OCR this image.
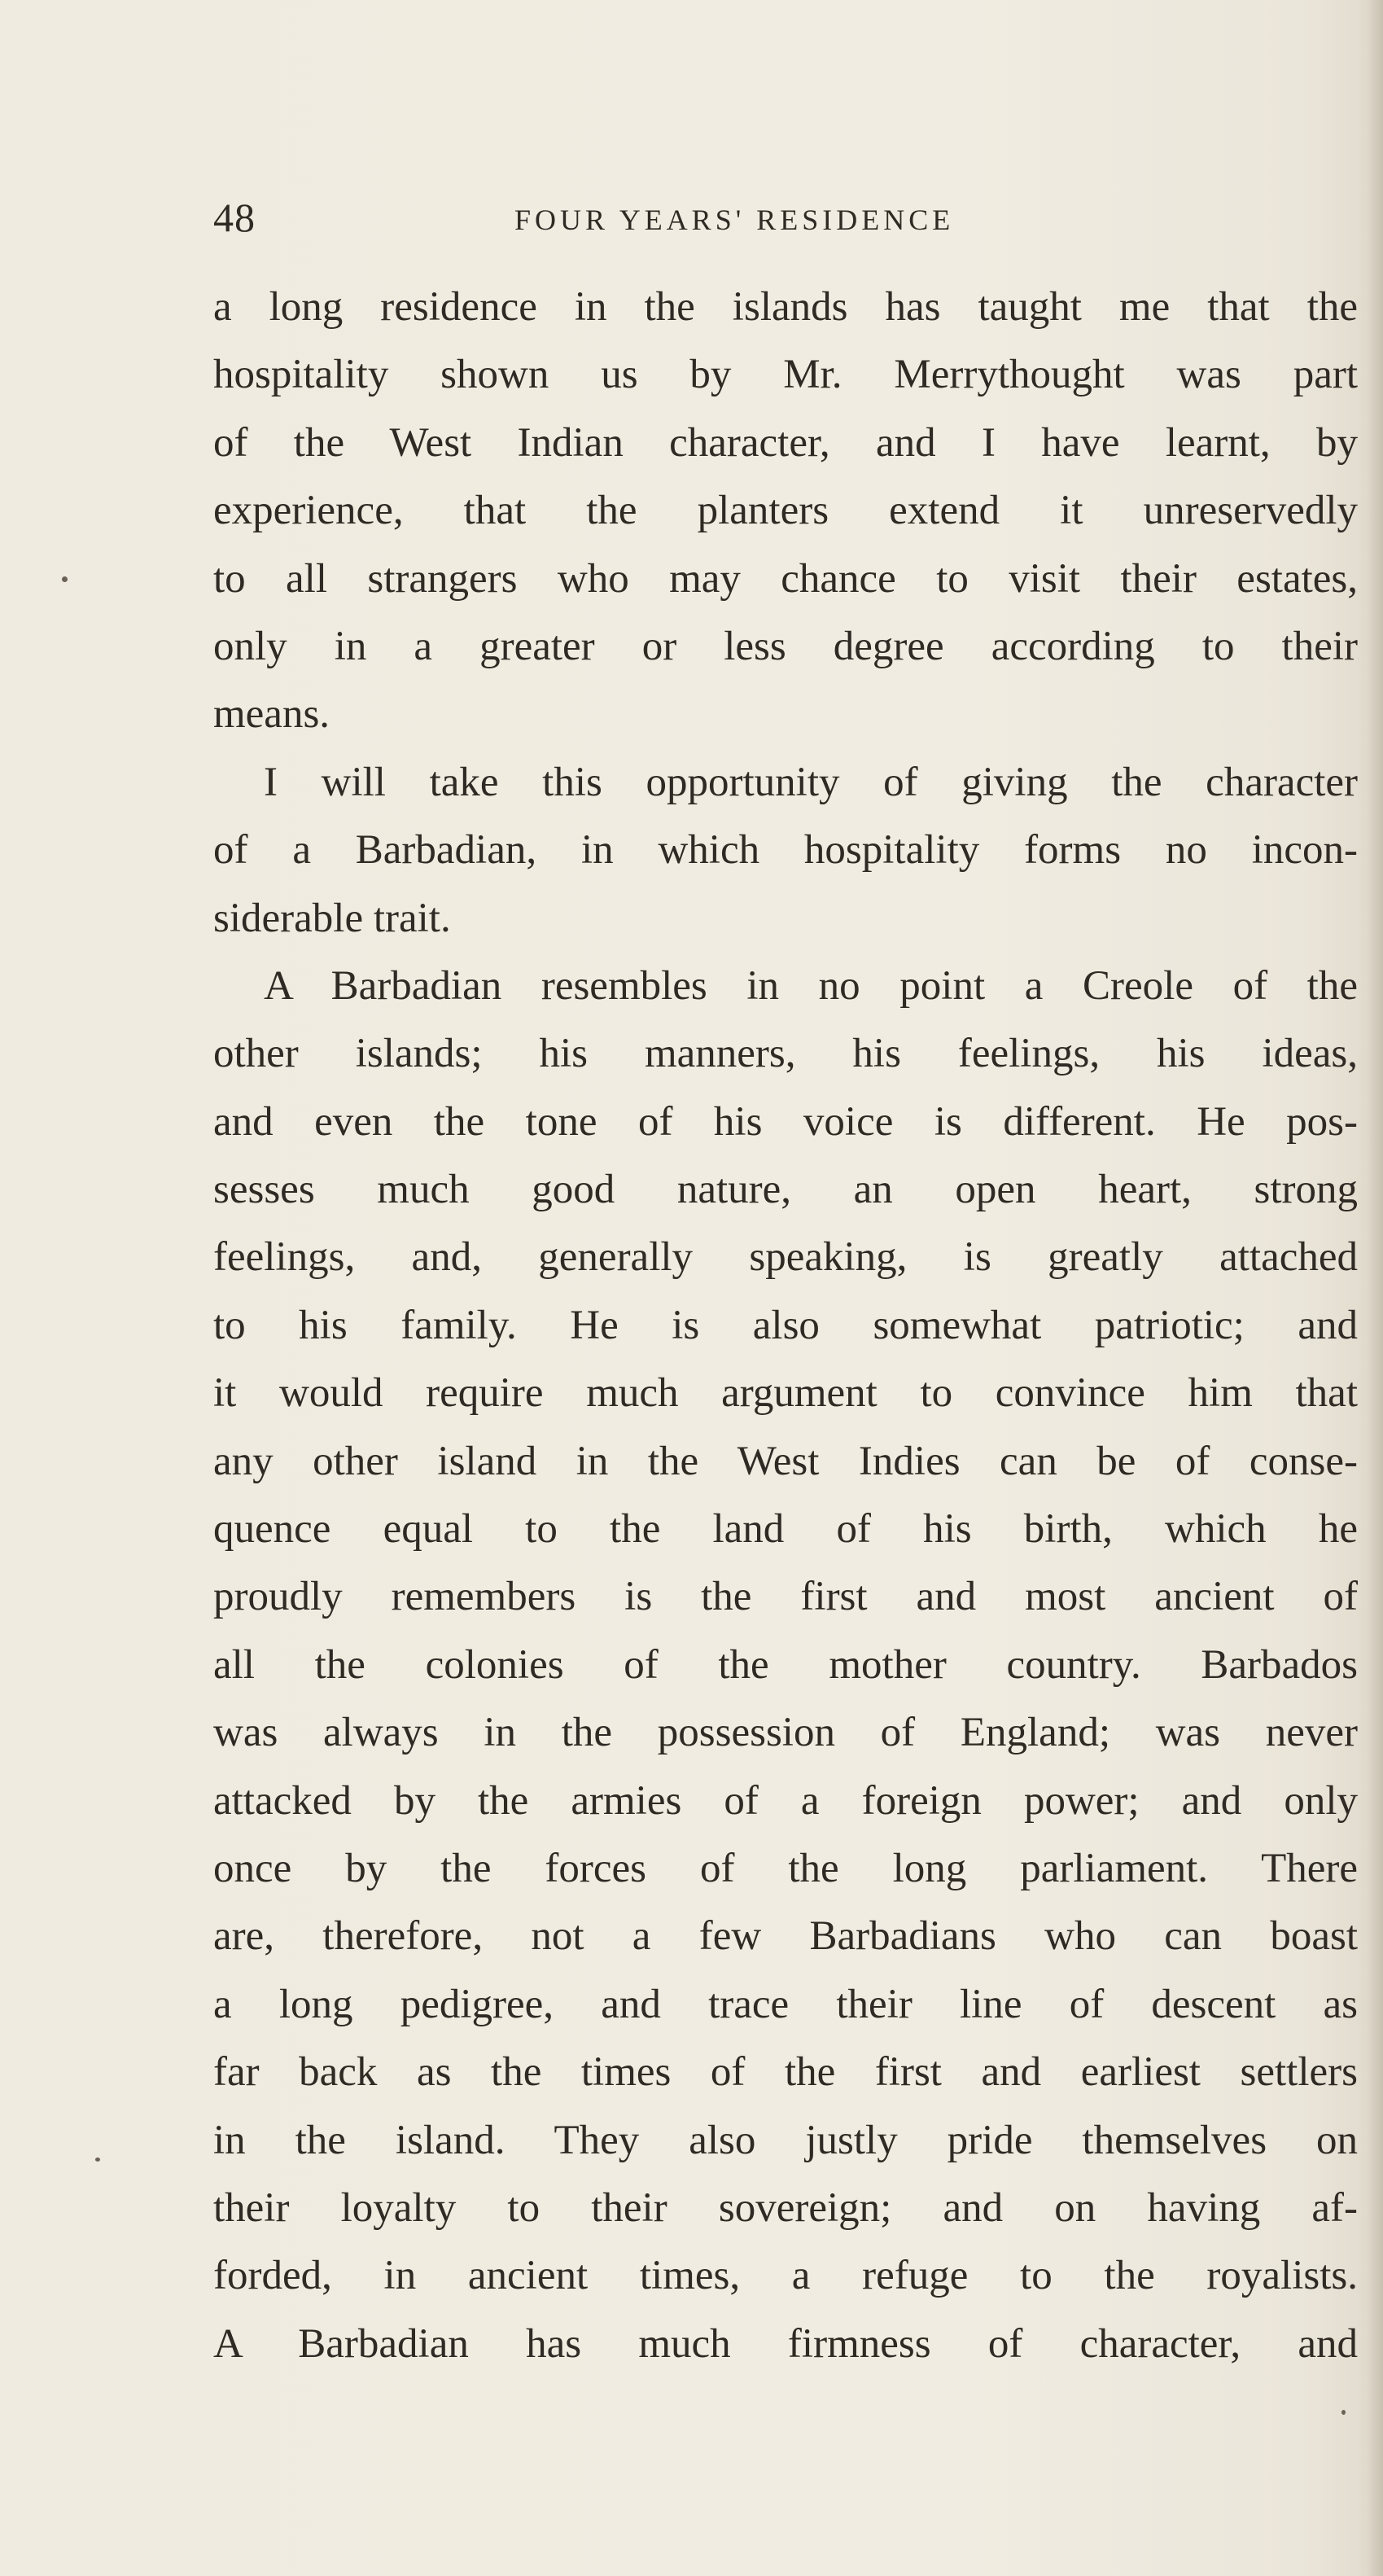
48	FOUR YEARS' RESIDENCE
a long residence in the islands has taught me that the
hospitality shown us by Mr. Merrythought was part
of the West Indian character, and I have learnt, by
experience, that the planters extend it unreservedly
to all strangers who may chance to visit their estates,
only in a greater or less degree according to their
means.
I will take this opportunity of giving the character
of a Barbadian, in which hospitality forms no incon-
siderable trait.
A Barbadian resembles in no point a Creole of the
other islands; his manners, his feelings, his ideas,
and even the tone of his voice is different. He pos-
sesses much good nature, an open heart, strong
feelings, and, generally speaking, is greatly attached
to his family. He is also somewhat patriotic; and
it would require much argument to convince him that
any other island in the West Indies can be of conse-
quence equal to the land of his birth, which he
proudly remembers is the first and most ancient of
all the colonies of the mother country. Barbados
was always in the possession of England; was never
attacked by the armies of a foreign power; and only
once by the forces of the long parliament. There
are, therefore, not a few Barbadians who can boast
a long pedigree, and trace their line of descent as
far back as the times of the first and earliest settlers
in the island. They also justly pride themselves on
their loyalty to their sovereign; and on having af-
forded, in ancient times, a refuge to the royalists.
A Barbadian has much firmness of character, and
